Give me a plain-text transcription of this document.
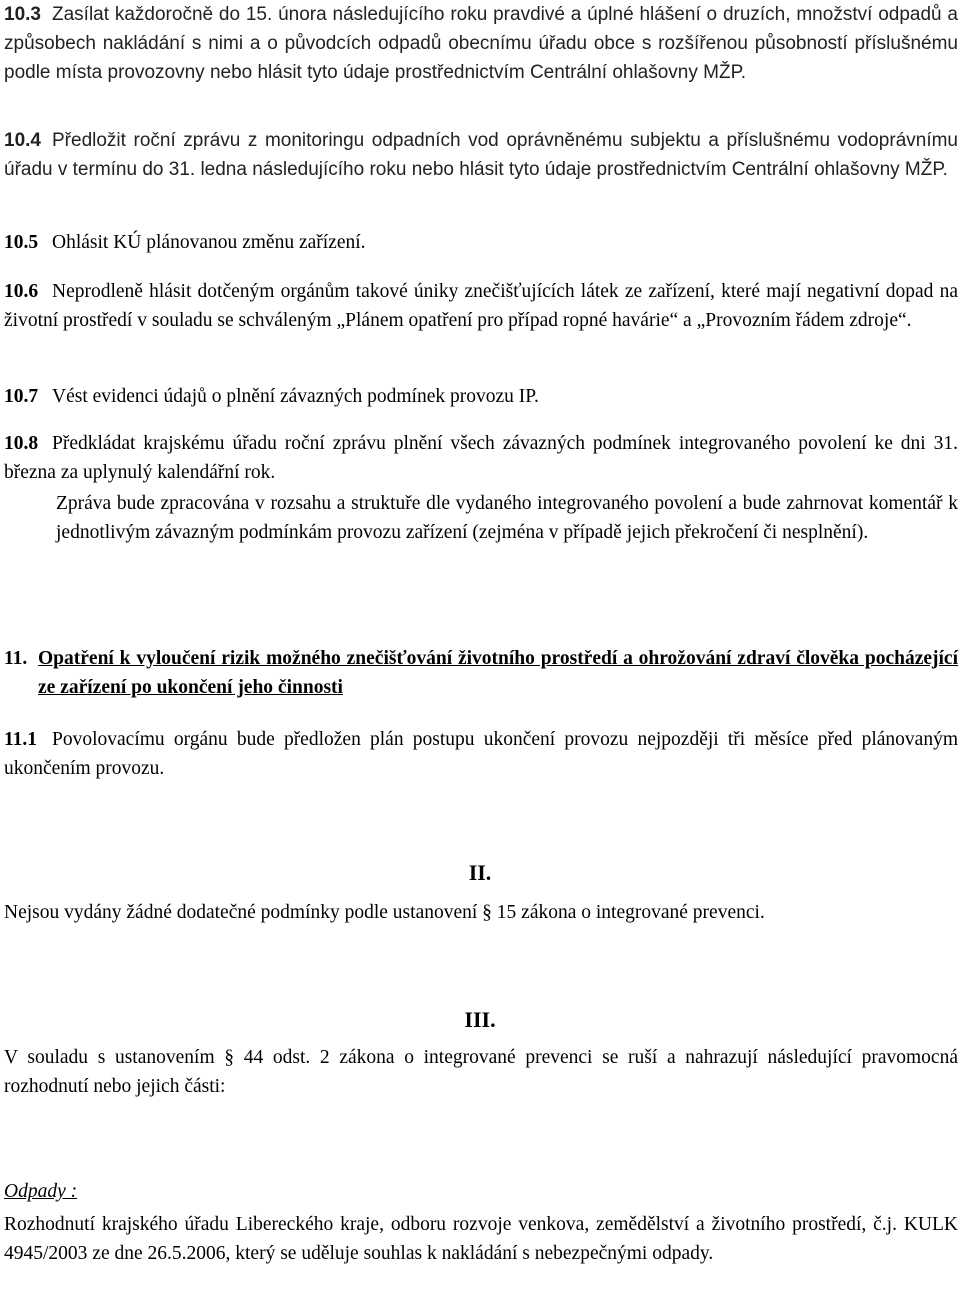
10.3 Zasílat každoročně do 15. února následujícího roku pravdivé a úplné hlášení o druzích, množství odpadů a způsobech nakládání s nimi a o původcích odpadů obecnímu úřadu obce s rozšířenou působností příslušnému podle místa provozovny nebo hlásit tyto údaje prostřednictvím Centrální ohlašovny MŽP.
10.4 Předložit roční zprávu z monitoringu odpadních vod oprávněnému subjektu a příslušnému vodoprávnímu úřadu v termínu do 31. ledna následujícího roku nebo hlásit tyto údaje prostřednictvím Centrální ohlašovny MŽP.
10.5 Ohlásit KÚ plánovanou změnu zařízení.
10.6 Neprodleně hlásit dotčeným orgánům takové úniky znečišťujících látek ze zařízení, které mají negativní dopad na životní prostředí v souladu se schváleným „Plánem opatření pro případ ropné havárie“ a „Provozním řádem zdroje“.
10.7 Vést evidenci údajů o plnění závazných podmínek provozu IP.
10.8 Předkládat krajskému úřadu roční zprávu plnění všech závazných podmínek integrovaného povolení ke dni 31. března za uplynulý kalendářní rok.
Zpráva bude zpracována v rozsahu a struktuře dle vydaného integrovaného povolení a bude zahrnovat komentář k jednotlivým závazným podmínkám provozu zařízení (zejména v případě jejich překročení či nesplnění).
11. Opatření k vyloučení rizik možného znečišťování životního prostředí a ohrožování zdraví člověka pocházející ze zařízení po ukončení jeho činnosti
11.1 Povolovacímu orgánu bude předložen plán postupu ukončení provozu nejpozději tři měsíce před plánovaným ukončením provozu.
II.
Nejsou vydány žádné dodatečné podmínky podle ustanovení § 15 zákona o integrované prevenci.
III.
V souladu s ustanovením § 44 odst. 2 zákona o integrované prevenci se ruší a nahrazují následující pravomocná rozhodnutí nebo jejich části:
Odpady :
Rozhodnutí krajského úřadu Libereckého kraje, odboru rozvoje venkova, zemědělství a životního prostředí, č.j. KULK 4945/2003 ze dne 26.5.2006, který se uděluje souhlas k nakládání s nebezpečnými odpady.
